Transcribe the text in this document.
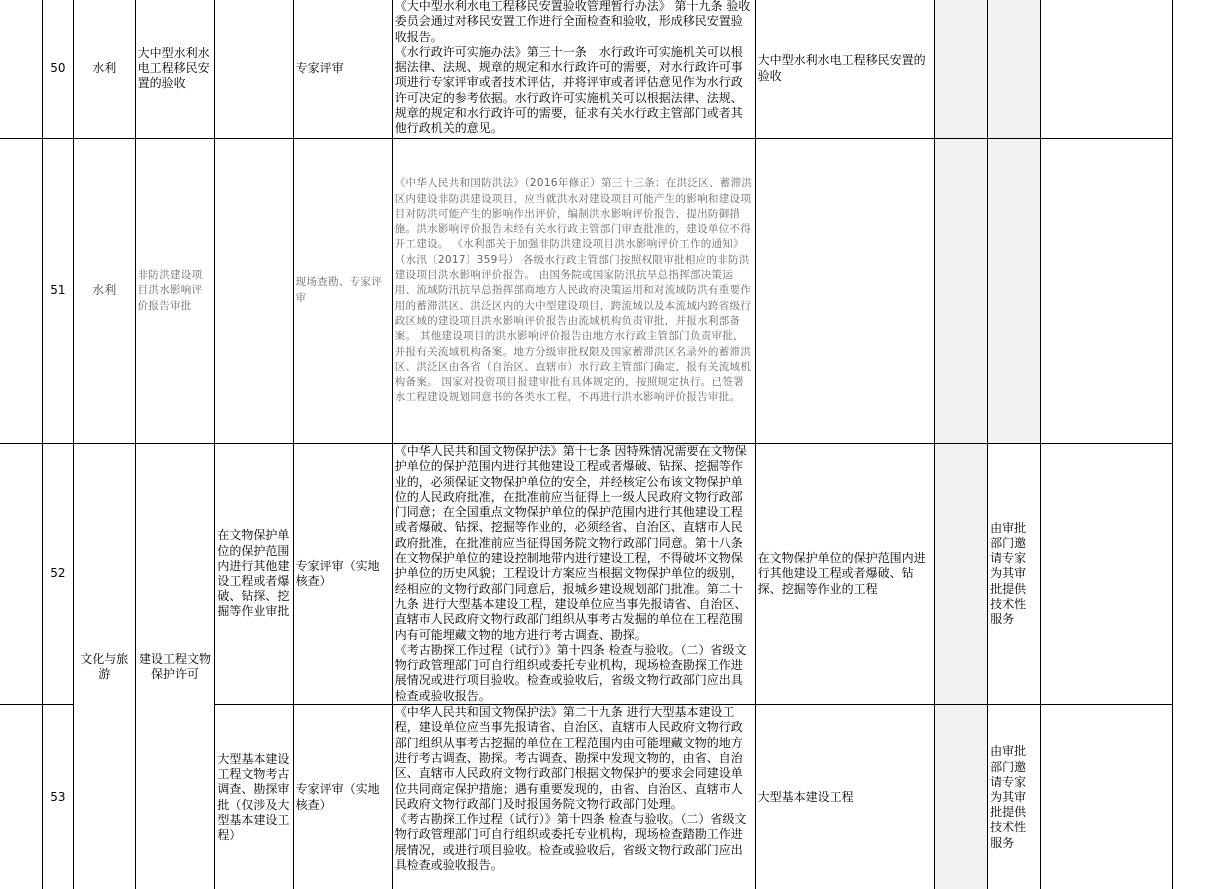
	50	水利	大中型水利水电工程移民安置的验收		专家评审	《大中型水利水电工程移民安置验收管理暂行办法》 第十九条 验收委员会通过对移民安置工作进行全面检查和验收，形成移民安置验收报告。
《水行政许可实施办法》第三十一条　水行政许可实施机关可以根据法律、法规、规章的规定和水行政许可的需要，对水行政许可事项进行专家评审或者技术评估，并将评审或者评估意见作为水行政许可决定的参考依据。水行政许可实施机关可以根据法律、法规、规章的规定和水行政许可的需要，征求有关水行政主管部门或者其他行政机关的意见。	大中型水利水电工程移民安置的验收			
	51	水利	非防洪建设项目洪水影响评价报告审批		现场查勘、专家评审	《中华人民共和国防洪法》（2016年修正）第三十三条：在洪泛区、蓄滞洪区内建设非防洪建设项目，应当就洪水对建设项目可能产生的影响和建设项目对防洪可能产生的影响作出评价，编制洪水影响评价报告，提出防御措施。洪水影响评价报告未经有关水行政主管部门审查批准的，建设单位不得开工建设。 《水利部关于加强非防洪建设项目洪水影响评价工作的通知》（水汛〔2017〕359号） 各级水行政主管部门按照权限审批相应的非防洪建设项目洪水影响评价报告。 由国务院或国家防汛抗旱总指挥部决策运用、流域防汛抗旱总指挥部商地方人民政府决策运用和对流域防洪有重要作用的蓄滞洪区、洪泛区内的大中型建设项目，跨流域以及本流域内跨省级行政区域的建设项目洪水影响评价报告由流域机构负责审批，并报水利部备案。 其他建设项目的洪水影响评价报告由地方水行政主管部门负责审批，并报有关流域机构备案。地方分级审批权限及国家蓄滞洪区名录外的蓄滞洪区、洪泛区由各省（自治区、直辖市）水行政主管部门确定，报有关流域机构备案。 国家对投资项目报建审批有具体规定的，按照规定执行。已签署水工程建设规划同意书的各类水工程，不再进行洪水影响评价报告审批。				
	52	文化与旅游	建设工程文物保护许可	在文物保护单位的保护范围内进行其他建设工程或者爆破、钻探、挖掘等作业审批	专家评审（实地核查）	《中华人民共和国文物保护法》第十七条 因特殊情况需要在文物保护单位的保护范围内进行其他建设工程或者爆破、钻探、挖掘等作业的，必须保证文物保护单位的安全，并经核定公布该文物保护单位的人民政府批准，在批准前应当征得上一级人民政府文物行政部门同意；在全国重点文物保护单位的保护范围内进行其他建设工程或者爆破、钻探、挖掘等作业的，必须经省、自治区、直辖市人民政府批准，在批准前应当征得国务院文物行政部门同意。第十八条 在文物保护单位的建设控制地带内进行建设工程，不得破坏文物保护单位的历史风貌；工程设计方案应当根据文物保护单位的级别，经相应的文物行政部门同意后，报城乡建设规划部门批准。第二十九条 进行大型基本建设工程，建设单位应当事先报请省、自治区、直辖市人民政府文物行政部门组织从事考古发掘的单位在工程范围内有可能埋藏文物的地方进行考古调查、勘探。
《考古勘探工作过程（试行）》第十四条 检查与验收。（二）省级文物行政管理部门可自行组织或委托专业机构，现场检查勘探工作进展情况或进行项目验收。检查或验收后，省级文物行政部门应出具检查或验收报告。	在文物保护单位的保护范围内进行其他建设工程或者爆破、钻探、挖掘等作业的工程		由审批部门邀请专家为其审批提供技术性服务	
	53			大型基本建设工程文物考古调查、勘探审批（仅涉及大型基本建设工程）	专家评审（实地核查）	《中华人民共和国文物保护法》第二十九条 进行大型基本建设工程，建设单位应当事先报请省、自治区、直辖市人民政府文物行政部门组织从事考古挖掘的单位在工程范围内由可能埋藏文物的地方进行考古调查、勘探。考古调查、勘探中发现文物的，由省、自治区、直辖市人民政府文物行政部门根据文物保护的要求会同建设单位共同商定保护措施；遇有重要发现的，由省、自治区、直辖市人民政府文物行政部门及时报国务院文物行政部门处理。
《考古勘探工作过程（试行）》第十四条 检查与验收。（二）省级文物行政管理部门可自行组织或委托专业机构，现场检查踏勘工作进展情况，或进行项目验收。检查或验收后，省级文物行政部门应出具检查或验收报告。	大型基本建设工程		由审批部门邀请专家为其审批提供技术性服务	
